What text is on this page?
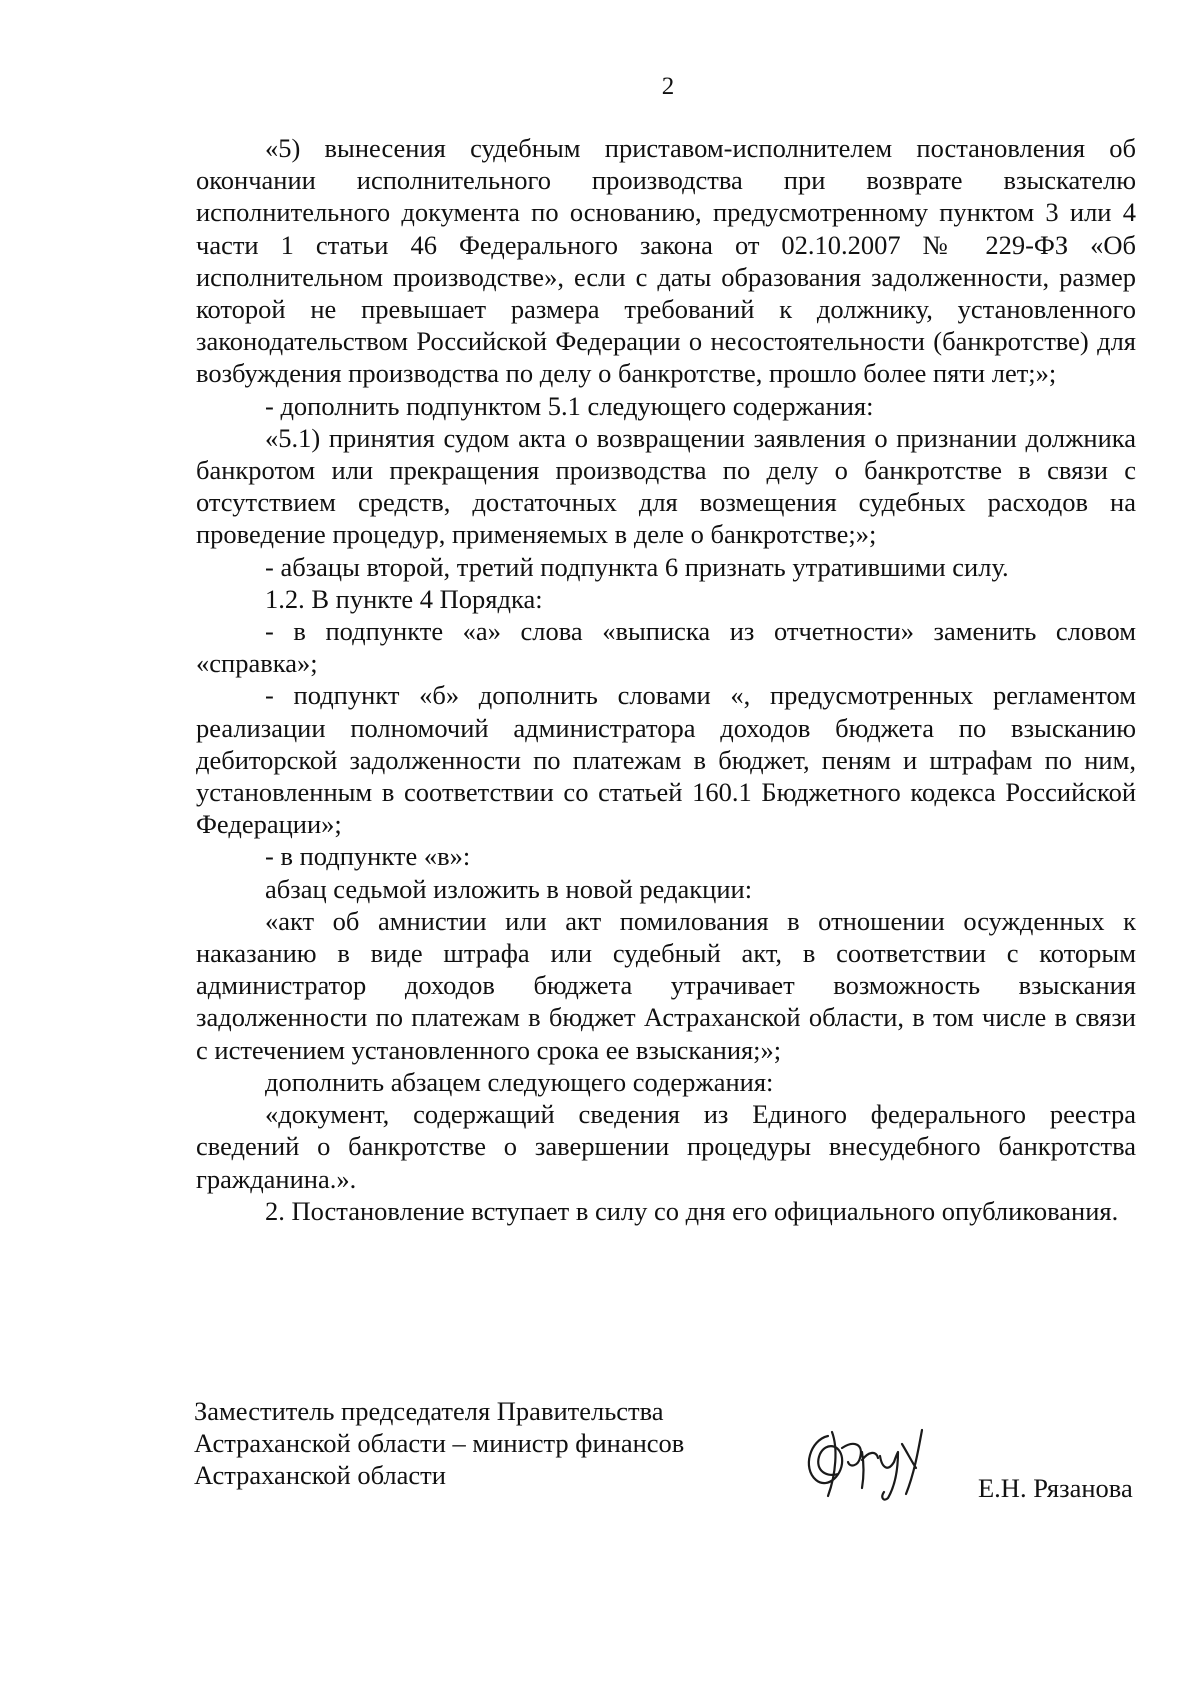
2

«5) вынесения судебным приставом-исполнителем постановления об окончании исполнительного производства при возврате взыскателю исполнительного документа по основанию, предусмотренному пунктом 3 или 4 части 1 статьи 46 Федерального закона от 02.10.2007 № 229-ФЗ «Об исполнительном производстве», если с даты образования задолженности, размер которой не превышает размера требований к должнику, установленного законодательством Российской Федерации о несостоятельности (банкротстве) для возбуждения производства по делу о банкротстве, прошло более пяти лет;»;

- дополнить подпунктом 5.1 следующего содержания:

«5.1) принятия судом акта о возвращении заявления о признании должника банкротом или прекращения производства по делу о банкротстве в связи с отсутствием средств, достаточных для возмещения судебных расходов на проведение процедур, применяемых в деле о банкротстве;»;

- абзацы второй, третий подпункта 6 признать утратившими силу.

1.2. В пункте 4 Порядка:

- в подпункте «а» слова «выписка из отчетности» заменить словом «справка»;

- подпункт «б» дополнить словами «, предусмотренных регламентом реализации полномочий администратора доходов бюджета по взысканию дебиторской задолженности по платежам в бюджет, пеням и штрафам по ним, установленным в соответствии со статьей 160.1 Бюджетного кодекса Российской Федерации»;

- в подпункте «в»:

абзац седьмой изложить в новой редакции:

«акт об амнистии или акт помилования в отношении осужденных к наказанию в виде штрафа или судебный акт, в соответствии с которым администратор доходов бюджета утрачивает возможность взыскания задолженности по платежам в бюджет Астраханской области, в том числе в связи с истечением установленного срока ее взыскания;»;

дополнить абзацем следующего содержания:

«документ, содержащий сведения из Единого федерального реестра сведений о банкротстве о завершении процедуры внесудебного банкротства гражданина.».

2. Постановление вступает в силу со дня его официального опубликования.

Заместитель председателя Правительства
Астраханской области – министр финансов
Астраханской области	Е.Н. Рязанова
